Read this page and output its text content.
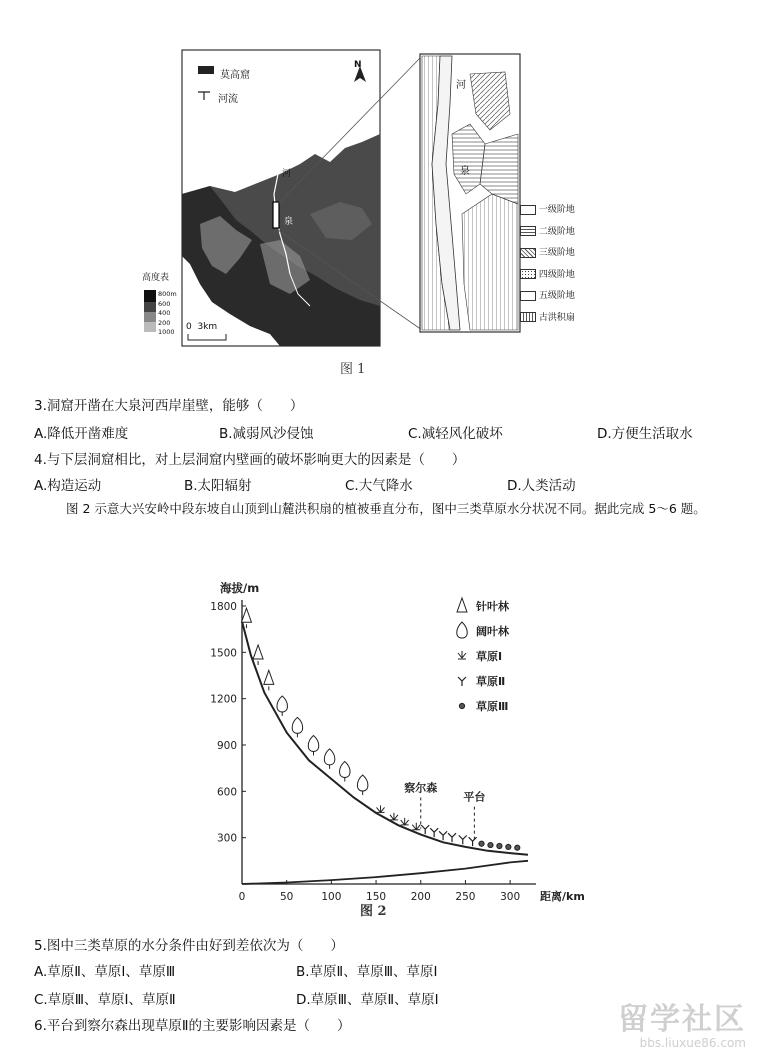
莫高窟
河流
N
河
泉
高度表
800m
600
400
200
1000 0  3km
河
泉
一级阶地
二级阶地
三级阶地
四级阶地
五级阶地
古洪积扇
图 1
3.洞窟开凿在大泉河西岸崖壁，能够（　　）
A.降低开凿难度	B.减弱风沙侵蚀	C.减轻风化破坏	D.方便生活取水
4.与下层洞窟相比，对上层洞窟内壁画的破坏影响更大的因素是（　　）
A.构造运动	B.太阳辐射	C.大气降水	D.人类活动
图 2 示意大兴安岭中段东坡自山顶到山麓洪积扇的植被垂直分布，图中三类草原水分状况不同。据此完成 5～6 题。
300
600
900
1200
1500
1800
0	50	100 150 200 250 300
海拔/m
距离/km
察尔森
平台
针叶林
阔叶林
草原Ⅰ
草原Ⅱ
草原Ⅲ
图 2
5.图中三类草原的水分条件由好到差依次为（　　）
A.草原Ⅱ、草原Ⅰ、草原Ⅲ	B.草原Ⅱ、草原Ⅲ、草原Ⅰ
C.草原Ⅲ、草原Ⅰ、草原Ⅱ	D.草原Ⅲ、草原Ⅱ、草原Ⅰ
6.平台到察尔森出现草原Ⅱ的主要影响因素是（　　）	留学社区
bbs.liuxue86.com
